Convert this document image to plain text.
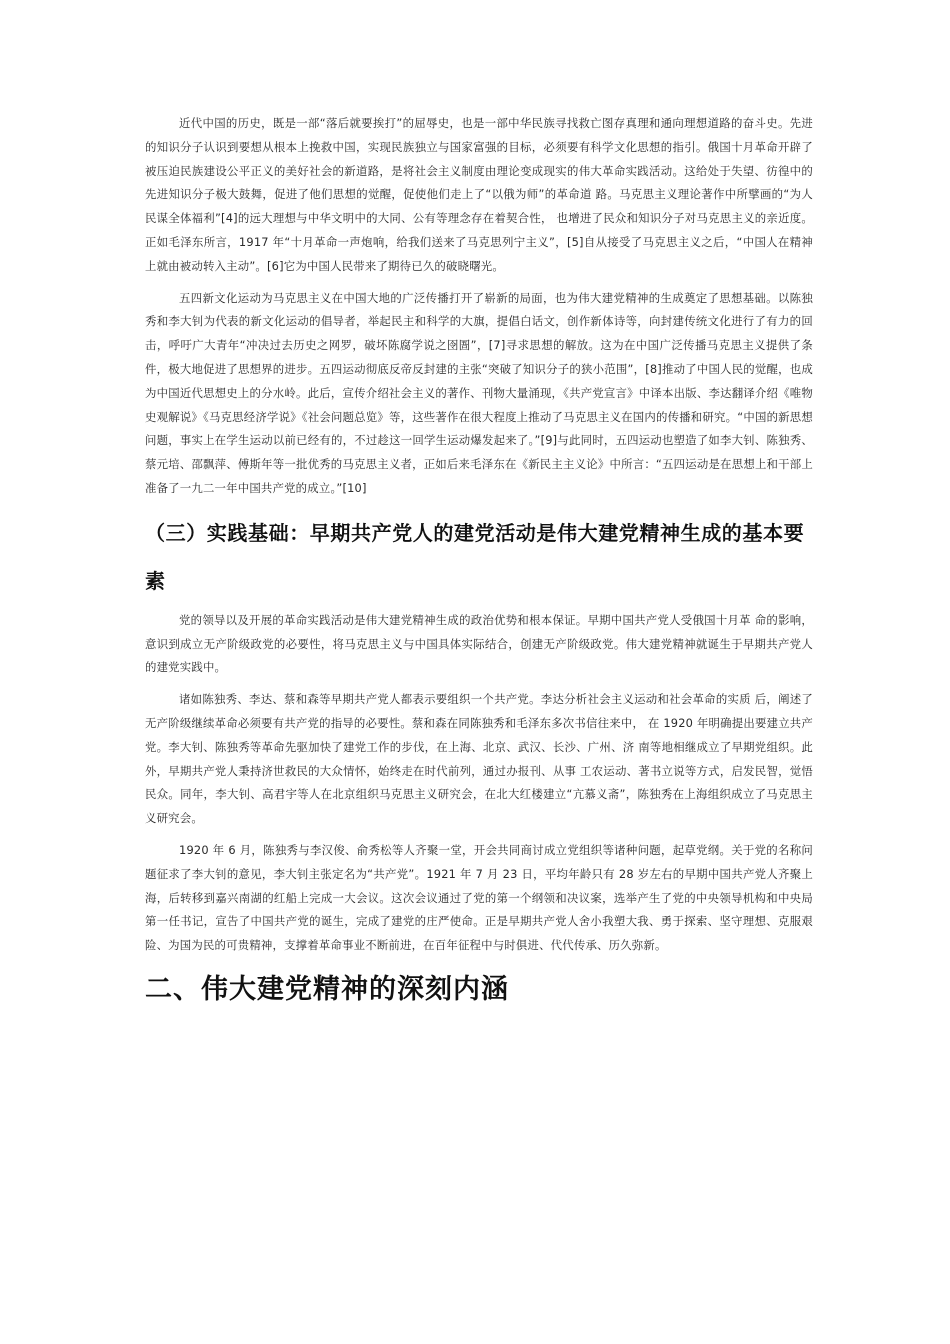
近代中国的历史，既是一部“落后就要挨打”的屈辱史，也是一部中华民族寻找救亡图存真理和通向理想道路的奋斗史。先进的知识分子认识到要想从根本上挽救中国，实现民族独立与国家富强的目标，必须要有科学文化思想的指引。俄国十月革命开辟了被压迫民族建设公平正义的美好社会的新道路，是将社会主义制度由理论变成现实的伟大革命实践活动。这给处于失望、彷徨中的先进知识分子极大鼓舞，促进了他们思想的觉醒，促使他们走上了“以俄为师”的革命道 路。马克思主义理论著作中所擘画的“为人民谋全体福利”[4]的远大理想与中华文明中的大同、公有等理念存在着契合性， 也增进了民众和知识分子对马克思主义的亲近度。正如毛泽东所言，1917 年“十月革命一声炮响，给我们送来了马克思列宁主义”，[5]自从接受了马克思主义之后，“中国人在精神上就由被动转入主动”。[6]它为中国人民带来了期待已久的破晓曙光。

五四新文化运动为马克思主义在中国大地的广泛传播打开了崭新的局面，也为伟大建党精神的生成奠定了思想基础。以陈独秀和李大钊为代表的新文化运动的倡导者，举起民主和科学的大旗，提倡白话文，创作新体诗等，向封建传统文化进行了有力的回击，呼吁广大青年“冲决过去历史之网罗，破坏陈腐学说之囹圄”，[7]寻求思想的解放。这为在中国广泛传播马克思主义提供了条件，极大地促进了思想界的进步。五四运动彻底反帝反封建的主张“突破了知识分子的狭小范围”，[8]推动了中国人民的觉醒，也成为中国近代思想史上的分水岭。此后，宣传介绍社会主义的著作、刊物大量涌现，《共产党宣言》中译本出版、李达翻译介绍《唯物史观解说》《马克思经济学说》《社会问题总览》等，这些著作在很大程度上推动了马克思主义在国内的传播和研究。“中国的新思想问题，事实上在学生运动以前已经有的，不过趁这一回学生运动爆发起来了。”[9]与此同时，五四运动也塑造了如李大钊、陈独秀、蔡元培、邵飘萍、傅斯年等一批优秀的马克思主义者，正如后来毛泽东在《新民主主义论》中所言：“五四运动是在思想上和干部上准备了一九二一年中国共产党的成立。”[10]

（三）实践基础：早期共产党人的建党活动是伟大建党精神生成的基本要素

党的领导以及开展的革命实践活动是伟大建党精神生成的政治优势和根本保证。早期中国共产党人受俄国十月革 命的影响，意识到成立无产阶级政党的必要性，将马克思主义与中国具体实际结合，创建无产阶级政党。伟大建党精神就诞生于早期共产党人的建党实践中。

诸如陈独秀、李达、蔡和森等早期共产党人都表示要组织一个共产党。李达分析社会主义运动和社会革命的实质 后，阐述了无产阶级继续革命必须要有共产党的指导的必要性。蔡和森在同陈独秀和毛泽东多次书信往来中， 在 1920 年明确提出要建立共产党。李大钊、陈独秀等革命先驱加快了建党工作的步伐，在上海、北京、武汉、长沙、广州、济 南等地相继成立了早期党组织。此外，早期共产党人秉持济世救民的大众情怀，始终走在时代前列，通过办报刊、从事 工农运动、著书立说等方式，启发民智，觉悟民众。同年，李大钊、高君宇等人在北京组织马克思主义研究会，在北大红楼建立“亢慕义斋”，陈独秀在上海组织成立了马克思主义研究会。

1920 年 6 月，陈独秀与李汉俊、俞秀松等人齐聚一堂，开会共同商讨成立党组织等诸种问题，起草党纲。关于党的名称问题征求了李大钊的意见，李大钊主张定名为“共产党”。1921 年 7 月 23 日，平均年龄只有 28 岁左右的早期中国共产党人齐聚上海，后转移到嘉兴南湖的红船上完成一大会议。这次会议通过了党的第一个纲领和决议案，选举产生了党的中央领导机构和中央局第一任书记，宣告了中国共产党的诞生，完成了建党的庄严使命。正是早期共产党人舍小我塑大我、勇于探索、坚守理想、克服艰险、为国为民的可贵精神，支撑着革命事业不断前进，在百年征程中与时俱进、代代传承、历久弥新。

二、伟大建党精神的深刻内涵
